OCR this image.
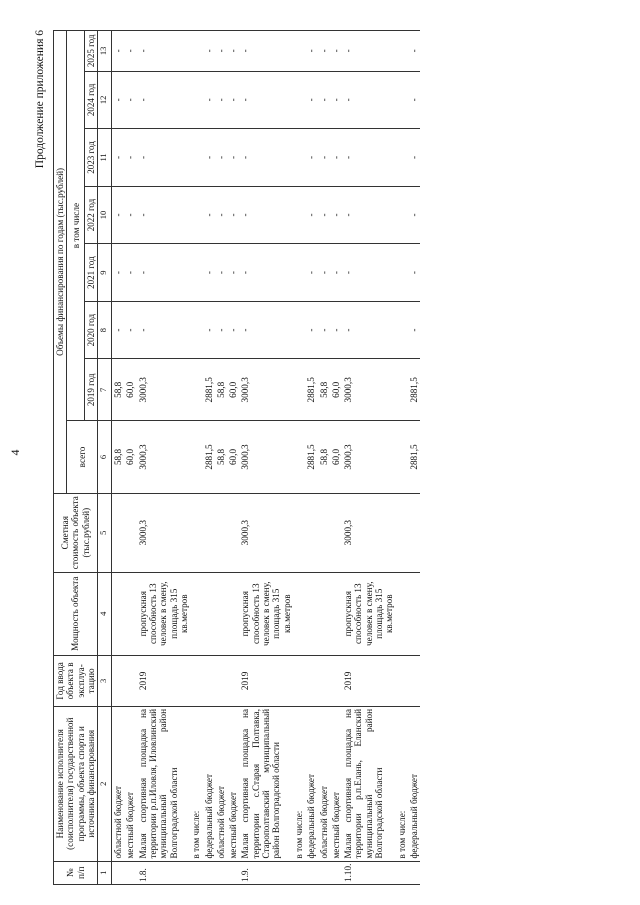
4
Продолжение приложения 6
№ п/п	Наименование исполнителя (соисполнителя) государственной программы, объекта спорта и источника финансирования	Год ввода объекта в эксплуа-тацию	Мощность объекта	Сметная стоимость объекта (тыс.рублей)	Объемы финансирования по годам (тыс.рублей)							
					всего	в том числе						
						2019 год	2020 год	2021 год	2022 год	2023 год	2024 год	2025 год
1	2	3	4	5	6	7	8	9	10	11	12	13
	областной бюджет				58,8	58,8	-	-	-	-	-	-
	местный бюджет				60,0	60,0	-	-	-	-	-	-
1.8.	Малая спортивная площадка на территории р.п.Иловля, Иловлинский муниципальный район Волгоградской области	2019	пропускная способность 13 человек в смену, площадь 315 кв.метров	3000,3	3000,3	3000,3	-	-	-	-	-	-
	в том числе:											
	федеральный бюджет				2881,5	2881,5	-	-	-	-	-	-
	областной бюджет				58,8	58,8	-	-	-	-	-	-
	местный бюджет				60,0	60,0	-	-	-	-	-	-
1.9.	Малая спортивная площадка на территории с.Старая Полтавка, Старополтавский муниципальный район Волгоградской области	2019	пропускная способность 13 человек в смену, площадь 315 кв.метров	3000,3	3000,3	3000,3	-	-	-	-	-	-
	в том числе:											
	федеральный бюджет				2881,5	2881,5	-	-	-	-	-	-
	областной бюджет				58,8	58,8	-	-	-	-	-	-
	местный бюджет				60,0	60,0	-	-	-	-	-	-
1.10.	Малая спортивная площадка на территории р.п.Елань, Еланский муниципальный район Волгоградской области	2019	пропускная способность 13 человек в смену, площадь 315 кв.метров	3000,3	3000,3	3000,3	-	-	-	-	-	-
	в том числе:											
	федеральный бюджет				2881,5	2881,5	-	-	-	-	-	-
